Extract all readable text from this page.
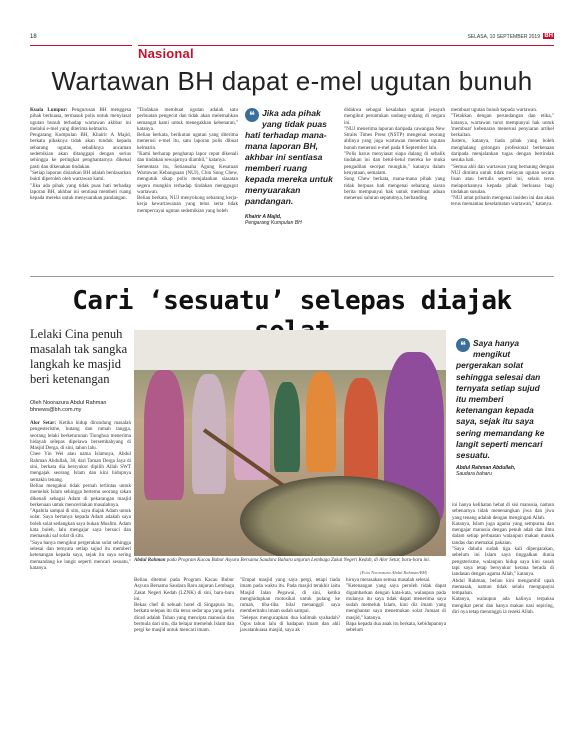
18	SELASA, 10 SEPTEMBER 2019 BH
Nasional
Wartawan BH dapat e-mel ugutan bunuh

Kuala Lumpur: Pengurusan BH menggesa pihak berkuasa, termasuk polis untuk menyiasat ugutan bunuh terhadap wartawan akhbar ini melalui e-mel yang diterima kelmarin.

Pengarang Kumpulan BH, Khairir A Majid, berkata pihaknya tidak akan tunduk kepada sebarang ugutan, sebaliknya ancaman sedemikian akan ditanggapi dengan serius sehingga ke peringkat penghantarnya dikenal pasti dan dikenakan tindakan.

"Setiap laporan disiarkan BH adalah berdasarkan bukti diperoleh oleh wartawan kami.

"Jika ada pihak yang tidak puas hati terhadap laporan BH, akhbar ini sentiasa memberi ruang kepada mereka untuk menyuarakan pandangan.

"Tindakan membuat ugutan adalah satu perbuatan pengecut dan tidak akan melemahkan semangat kami untuk menegakkan kebenaran," katanya.

Beliau berkata, berikutan ugutan yang diterima menerusi e-mel itu, satu laporan polis dibuat kelmarin.

"Kami berharap pengharap lapor cepat dikenali dan tindakan sewajarnya diambil," katanya.

Sementara itu, Setiausaha Agung Kesatuan Wartawan Kebangsaan (NUJ), Chin Sung Chew, mengutuk sikap polis menjalankan siasatan segera mungkin terhadap tindakan menggugut wartawan.

Beliau berkata, NUJ menyokong sebarang kerja-kerja kewartawanan yang telus serta tidak mempercayai ugutan sedemikian yang boleh

❝ Jika ada pihak yang tidak puas hati terhadap mana-mana laporan BH, akhbar ini sentiasa memberi ruang kepada mereka untuk menyuarakan pandangan.
Khairir A Majid,
Pengarang Kumpulan BH

didakwa sebagai kesalahan ugutan jenayah mengikut peruntukan undang-undang di negara ini.

"NUJ menerima laporan daripada cawangan New Straits Times Press (NSTP) mengenai seorang ahlinya yang juga wartawan menerima ugutan bunuh menerusi e-mel pada 8 September lalu.

"Polis harus menyiasat siapa dalang di sebalik tindakan ini dan betul-betul mereka ke muka pengadilan secepat mungkin," katanya dalam kenyataan, semalam.

Sung Chew berkata, mana-mana pihak yang tidak berpuas hati mengenai sebarang siaran berita mempunyai hak untuk membuat aduan menerusi saluran sepatutnya, berbanding

membuat ugutan bunuh kepada wartawan.

"Tetakkan dengan perundangan dan etika," katanya, wartawan turut mempunyai hak untuk 'membuat' kebenaran menerusi penyiaran artikel berkaitan.

Justeru, katanya, tiada pihak yang boleh menghalang golongan profesional berkenaan daripada menjalankan tugas dengan bertindak sesuka hati.

"Semua ahli dan wartawan yang bernaung dengan NUJ diminta untuk tidak melayan ugutan secara lisan atau bertulis seperti ini, selain terus melaporkannya kepada pihak berkuasa bagi tindakan susulan.

"NUJ amat prihatin mengenai insiden ini dan akan terus memantau keselamatan wartawan," katanya.

Cari ‘sesuatu’ selepas diajak
Lelaki Cina penuh masalah tak sangka langkah ke masjid beri ketenangan
Oleh Noorazura Abdul Rahman
bhnews@bh.com.my

Alor Setar: Ketika hidup dirundung masalah pengesterisme, hutang dan rumah tangga, seorang lelaki berketurunan Tionghua menerima hidayah selepas dipelawa bersembahyang di Masjid Derga, di sini, tahun lalu.

Chee Yin Wei atau nama Islamnya, Abdul Rahman Abdullah, 38, dari Taman Derga Jaya di sini, berkata dia bersyukur dipilih Allah SWT mengajak seorang Islam dan kini hidupnya semakin tenang.

Beliau mengakui tidak pernah terlintas untuk memeluk Islam sehingga bertemu seorang rakan dikenali sebagai Adam di pekarangan masjid berkenaan untuk menceritakan masalahnya.

"Apabila sampai di situ, saya diajak Adam untuk solat. Saya bertanya kepada Adam adakah saya boleh solat sedangkan saya bukan Muslim. Adam kata boleh, lalu mengajar saya bersuci dan memasuki saf solat di situ.

"Saya hanya mengikut pergerakan solat sehingga selesai dan ternyata setiap sujud itu memberi ketenangan kepada saya, sejak itu saya sering memandang ke langit seperti mencari sesuatu," katanya.

Abdul Rahman pada Program Kacau Bubur Asyura Bersama Saudara Baharu anjuran Lembaga Zakat Negeri Kedah, di Alor Setar, baru-baru ini.
(Foto Noorazura Abdul Rahman/BH)

Beliau ditemui pada Program Kacau Bubur Asyura Bersama Saudara Baru anjuran Lembaga Zakat Negeri Kedah (LZNK) di sini, baru-baru ini.

Bekas chef di sebuah hotel di Singapura itu, berkata selepas itu dia terus sedar apa yang perlu dicari adalah Tuhan yang mencipta manusia dan bermula dari situ, dia belajar memeluk Islam dan pergi ke masjid untuk mencari imam.

"Empat masjid yang saya pergi, tetapi tiada imam pada waktu itu. Pada masjid terakhir iaitu Masjid Jalan Pegawai, di sini, ketika menghidupkan motosikal untuk pulang ke rumah, tiba-tiba bilal menanggil saya memberitahu imam sudah sampai.

"Selepas mengucapkan dua kalimah syahadah? Ogos tahun lalu di hadapan imam dan ahli jawatankuasa masjid, saya ak

hirnya merasakan semua masalah selesai.

"Ketenangan yang saya peroleh tidak dapat digambarkan dengan kata-kata, walaupun pada mulanya itu saya tidak dapat menerima saya sudah memeluk Islam, kini diz imam yang menghantar saya menemukan solat Jumaat di masjid," katanya.

Bapa kepada dua anak itu berkata, kebidupannya sebelum

❝ Saya hanya mengikut pergerakan solat sehingga selesai dan ternyata setiap sujud itu memberi ketenangan kepada saya, sejak itu saya sering memandang ke langit seperti mencari sesuatu.
Abdul Rahman Abdullah,
Saudara baharu

ini hanya kelihatan hebat di sisi manusia, namun sebenarnya tidak menenangkan jiwa dan jiwa yang tenang adalah dengan mengingati Allah.

Katanya, Islam juga agama yang sempurna dan mengajar manusia dengan penuh adab dan ilmu dalam setiap perbuatan walaupun makan masuk tandas dan memakai pakaian.

"Saya dahulu sudah tiga kali dipenjarakan, sebelum ini Islam saya tinggalkan dunia pengsterisme, walaupun hidup saya kini susah tapi saya tetap bersyukur kerana berada di landasan dengan agama Allah," katanya.

Abdul Rahman, beliau kini mengambil upah memasak, namun tidak selalu mengupayai tempahan.

Katanya, walaupun ada kalinya terpaksa mengikat perut dan hanya makan nasi sepiring, diri nya tetap menunggu ia rezeki Allah.
